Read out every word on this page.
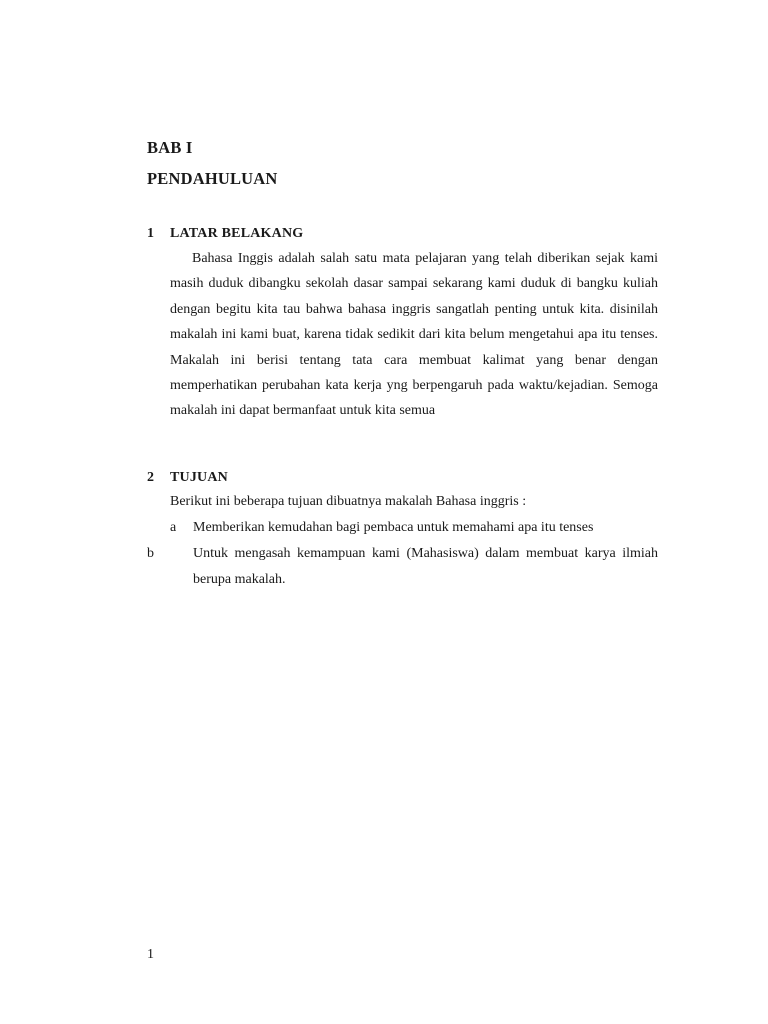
BAB I
PENDAHULUAN
1 LATAR BELAKANG

Bahasa Inggis adalah salah satu mata pelajaran yang telah diberikan sejak kami masih duduk dibangku sekolah dasar sampai sekarang kami duduk di bangku kuliah dengan begitu kita tau bahwa bahasa inggris sangatlah penting untuk kita. disinilah makalah ini kami buat, karena tidak sedikit dari kita belum mengetahui apa itu tenses. Makalah ini berisi tentang tata cara membuat kalimat yang benar dengan memperhatikan perubahan kata kerja yng berpengaruh pada waktu/kejadian. Semoga makalah ini dapat bermanfaat untuk kita semua

2 TUJUAN

Berikut ini beberapa tujuan dibuatnya makalah Bahasa inggris :

a Memberikan kemudahan bagi pembaca untuk memahami apa itu tenses
b	Untuk mengasah kemampuan kami (Mahasiswa) dalam membuat karya ilmiah berupa makalah.
1
